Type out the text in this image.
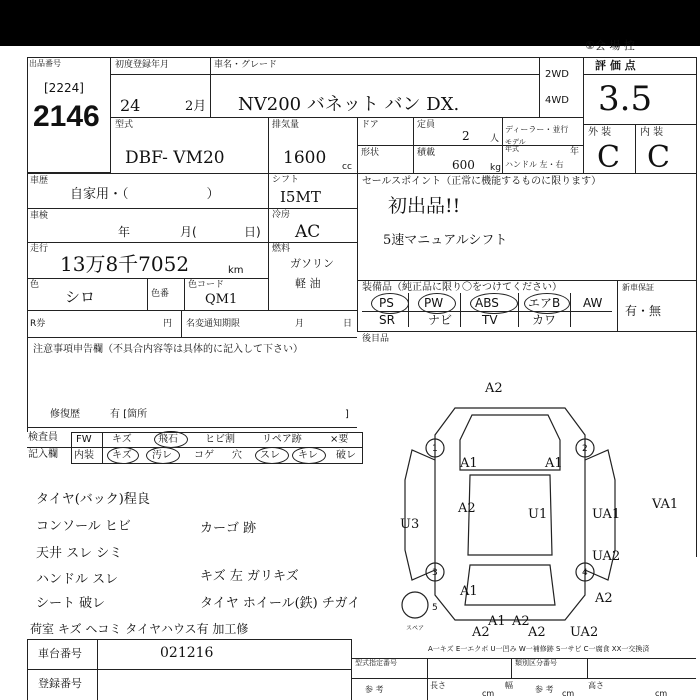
①会 場 控
出品番号
[2224]
2146
初度登録年月
24	2月
車名・グレード
NV200 バネット バン DX.
2WD
4WD
評 価 点
3.5
型式
DBF- VM20
排気量
1600 cc
ドア	定員
2 人
ディーラー・並行
モデル
年式	年
形状	積載
600 kg ハンドル 左・右
外 装	内 装
C C
車歴
自家用・（　　　　　　）
シフト
I5MT
セールスポイント（正常に機能するものに限ります）
初出品!!
5速マニュアルシフト
車検
年	月(	日)
冷房
AC
走行
13万8千7052	km
燃料
ガソリン
軽 油
色
シロ	色番
色コード
QM1
装備品（純正品に限り〇をつけてください）	新車保証
有・無
PS	PW	ABS エアB AW
SR	ナビ TV	カワ
R券	円 名変通知期限	月	日
後目品
注意事項申告欄（不具合内容等は具体的に記入して下さい）
修復歴	有 [箇所	]
検査員
記入欄
FW
内装
キズ	飛石	ヒビ割	リペア跡	×要
キズ 汚レ コゲ 穴 スレ キレ 破レ
タイヤ(バック)程良
コンソール ヒビ
天井 スレ シミ
ハンドル スレ
シート 破レ
荷室 キズ ヘコミ タイヤハウス有 加工修
カーゴ 跡
キズ 左 ガリキズ
タイヤ ホイール(鉄) チガイ
1	2
3	4
5
A2
A1	A1
U1	UA1
VA1
U3
A2
UA2
A1	A2
A2	UA2
A2
A1 A2
スペア
A一キズ E一エクボ U一凹み W一補修跡 S一サビ C一腐食 XX一交換済
車台番号	021216
登録番号
型式指定番号	類別区分番号
参 考	参 考
長さ
cm
幅
cm
高さ
cm
